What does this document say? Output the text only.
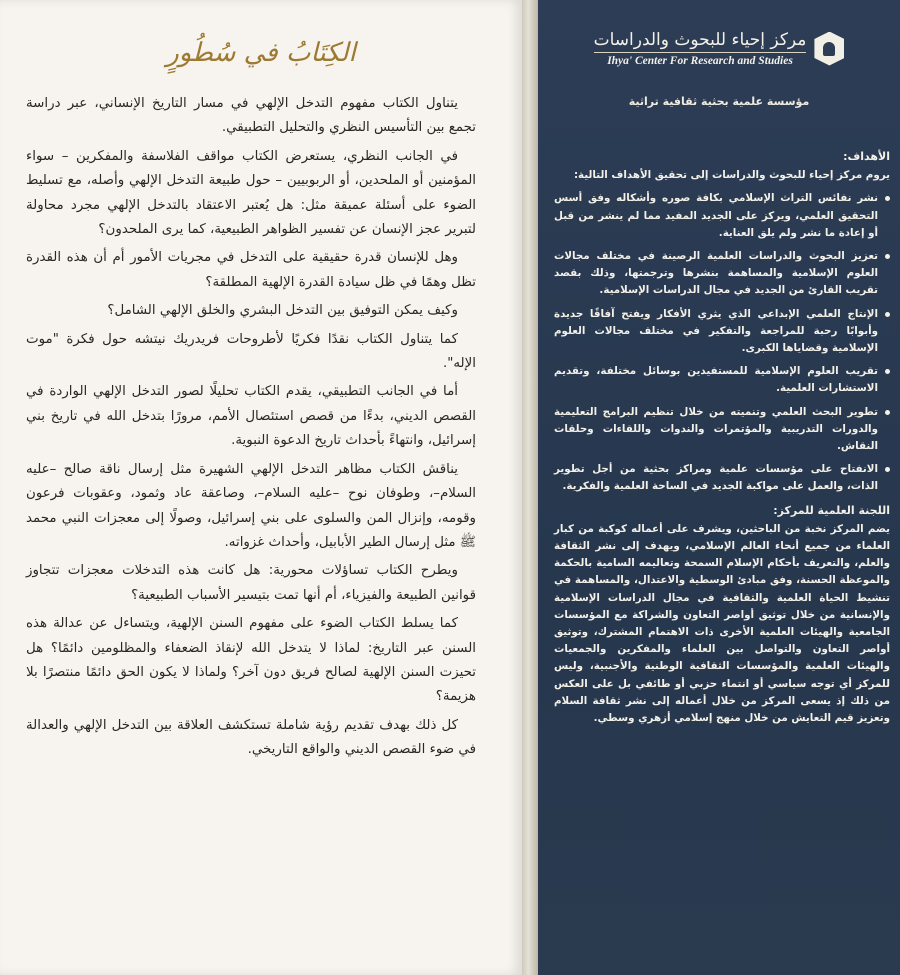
الكِتَابُ في سُطُورٍ

يتناول الكتاب مفهوم التدخل الإلهي في مسار التاريخ الإنساني، عبر دراسة تجمع بين التأسيس النظري والتحليل التطبيقي.

في الجانب النظري، يستعرض الكتاب مواقف الفلاسفة والمفكرين – سواء المؤمنين أو الملحدين، أو الربوبيين – حول طبيعة التدخل الإلهي وأصله، مع تسليط الضوء على أسئلة عميقة مثل: هل يُعتبر الاعتقاد بالتدخل الإلهي مجرد محاولة لتبرير عجز الإنسان عن تفسير الظواهر الطبيعية، كما يرى الملحدون؟

وهل للإنسان قدرة حقيقية على التدخل في مجريات الأمور أم أن هذه القدرة تظل وهمًا في ظل سيادة القدرة الإلهية المطلقة؟

وكيف يمكن التوفيق بين التدخل البشري والخلق الإلهي الشامل؟

كما يتناول الكتاب نقدًا فكريًا لأطروحات فريدريك نيتشه حول فكرة "موت الإله".

أما في الجانب التطبيقي، يقدم الكتاب تحليلًا لصور التدخل الإلهي الواردة في القصص الديني، بدءًا من قصص استئصال الأمم، مرورًا بتدخل الله في تاريخ بني إسرائيل، وانتهاءً بأحداث تاريخ الدعوة النبوية.

يناقش الكتاب مظاهر التدخل الإلهي الشهيرة مثل إرسال ناقة صالح –عليه السلام–، وطوفان نوح –عليه السلام–، وصاعقة عاد وثمود، وعقوبات فرعون وقومه، وإنزال المن والسلوى على بني إسرائيل، وصولًا إلى معجزات النبي محمد ﷺ مثل إرسال الطير الأبابيل، وأحداث غزواته.

ويطرح الكتاب تساؤلات محورية: هل كانت هذه التدخلات معجزات تتجاوز قوانين الطبيعة والفيزياء، أم أنها تمت بتيسير الأسباب الطبيعية؟

كما يسلط الكتاب الضوء على مفهوم السنن الإلهية، ويتساءل عن عدالة هذه السنن عبر التاريخ: لماذا لا يتدخل الله لإنقاذ الضعفاء والمظلومين دائمًا؟ هل تحيزت السنن الإلهية لصالح فريق دون آخر؟ ولماذا لا يكون الحق دائمًا منتصرًا بلا هزيمة؟

كل ذلك بهدف تقديم رؤية شاملة تستكشف العلاقة بين التدخل الإلهي والعدالة في ضوء القصص الديني والواقع التاريخي.

مركز إحياء للبحوث والدراسات
Ihya' Center For Research and Studies
مؤسسة علمية بحثية ثقافية تراثية
الأهداف:

يروم مركز إحياء للبحوث والدراسات إلى تحقيق الأهداف التالية:

نشر نفائس التراث الإسلامي بكافة صوره وأشكاله وفق أسس التحقيق العلمي، ويركز على الجديد المفيد مما لم ينشر من قبل أو إعادة ما نشر ولم يلق العناية.
تعزيز البحوث والدراسات العلمية الرصينة في مختلف مجالات العلوم الإسلامية والمساهمة بنشرها وترجمتها، وذلك بقصد تقريب القارئ من الجديد في مجال الدراسات الإسلامية.
الإنتاج العلمي الإبداعي الذي يثري الأفكار ويفتح آفاقًا جديدة وأبوابًا رحبة للمراجعة والتفكير في مختلف مجالات العلوم الإسلامية وقضاياها الكبرى.
تقريب العلوم الإسلامية للمستفيدين بوسائل مختلفة، وتقديم الاستشارات العلمية.
تطوير البحث العلمي وتنميته من خلال تنظيم البرامج التعليمية والدورات التدريبية والمؤتمرات والندوات واللقاءات وحلقات النقاش.
الانفتاح على مؤسسات علمية ومراكز بحثية من أجل تطوير الذات، والعمل على مواكبة الجديد في الساحة العلمية والفكرية.
اللجنة العلمية للمركز:

يضم المركز نخبة من الباحثين، ويشرف على أعماله كوكبة من كبار العلماء من جميع أنحاء العالم الإسلامي، ويهدف إلى نشر الثقافة والعلم، والتعريف بأحكام الإسلام السمحة وتعاليمه السامية بالحكمة والموعظة الحسنة، وفق مبادئ الوسطية والاعتدال، والمساهمة في تنشيط الحياة العلمية والثقافية في مجال الدراسات الإسلامية والإنسانية من خلال توثيق أواصر التعاون والشراكة مع المؤسسات الجامعية والهيئات العلمية الأخرى ذات الاهتمام المشترك، وتوثيق أواصر التعاون والتواصل بين العلماء والمفكرين والجمعيات والهيئات العلمية والمؤسسات الثقافية الوطنية والأجنبية، وليس للمركز أي توجه سياسي أو انتماء حزبي أو طائفي بل على العكس من ذلك إذ يسعى المركز من خلال أعماله إلى نشر ثقافة السلام وتعزيز قيم التعايش من خلال منهج إسلامي أزهري وسطي.
